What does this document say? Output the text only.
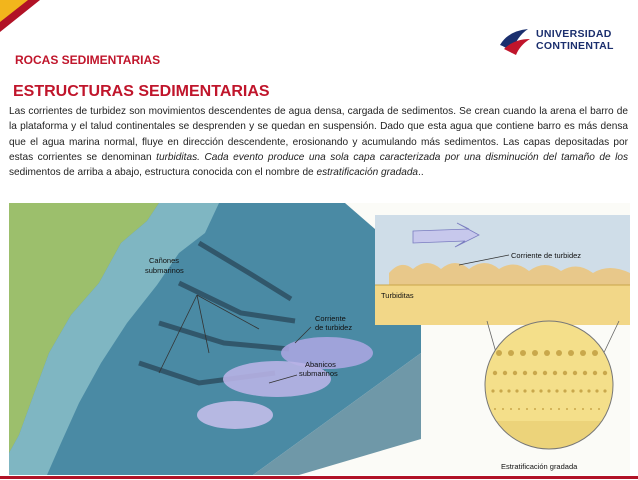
UNIVERSIDAD
CONTINENTAL
ROCAS SEDIMENTARIAS
ESTRUCTURAS SEDIMENTARIAS
Las corrientes de turbidez son movimientos descendentes de agua densa, cargada de sedimentos. Se crean cuando la arena el barro de la plataforma y el talud continentales se desprenden y se quedan en suspensión. Dado que esta agua que contiene barro es más densa que el agua marina normal, fluye en dirección descendente, erosionando y acumulando más sedimentos. Las capas depositadas por estas corrientes se denominan turbiditas. Cada evento produce una sola capa caracterizada por una disminución del tamaño de los sedimentos de arriba a abajo, estructura conocida con el nombre de estratificación gradada..
Cañones
submarinos
Corriente
de turbidez
Abanicos
submarinos
Corriente de turbidez
Turbiditas
Estratificación gradada
